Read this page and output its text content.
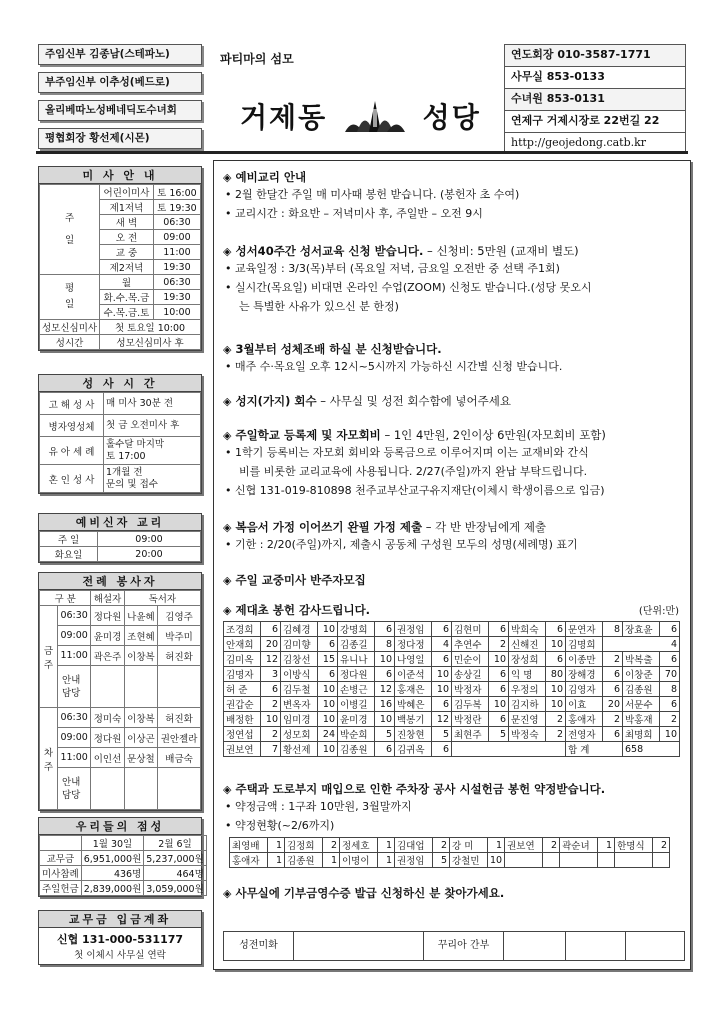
주임신부 김종남(스테파노)
부주임신부 이추성(베드로)
올리베따노성베네딕도수녀회
평협회장 황선제(시몬)
파티마의 섬모
거제동	성당
연도회장 010-3587-1771
사무실 853-0133
수녀원 853-0131
연제구 거제시장로 22번길 22
http://geojedong.catb.kr
미 사 안 내
주
일	어린이미사	토 16:00
	제1저녁	토 19:30
	새 벽	06:30
	오 전	09:00
	교 중	11:00
	제2저녁	19:30
평
일	월	06:30
	화.수.목.금	19:30
	수.목.금.토	10:00
성모신심미사	첫 토요일 10:00	
성시간	성모신심미사 후	
성 사 시 간
고 해 성 사	매 미사 30분 전
병자영성체	첫 금 오전미사 후
유 아 세 례	홀수달 마지막
토 17:00
혼 인 성 사	1개월 전
문의 및 접수
예비신자 교리
주 일	09:00
화요일	20:00
전례 봉사자
구 분		해설자	독서자	
금
주	06:30	정다원	나윤혜	김영주
	09:00	윤미경	조현혜	박주미
	11:00	곽은주	이창복	허진화
	안내
담당			
차
주	06:30	정미숙	이창복	허진화
	09:00	정다원	이상곤	권안젤라
	11:00	이인선	문상철	배금숙
	안내
담당			
우리들의 점성
	1월 30일	2월 6일
교무금	6,951,000원	5,237,000원
미사참례	436명	464명
주일헌금	2,839,000원	3,059,000원
교무금 입금계좌
신협 131-000-531177
첫 이체시 사무실 연락
◈ 예비교리 안내

• 2월 한달간 주일 매 미사때 봉헌 받습니다. (봉헌자 초 수여)

• 교리시간 : 화요반 – 저녁미사 후, 주일반 – 오전 9시

◈ 성서40주간 성서교육 신청 받습니다. – 신청비: 5만원 (교재비 별도)

• 교육일정 : 3/3(목)부터 (목요일 저녁, 금요일 오전반 중 선택 주1회)

• 실시간(목요일) 비대면 온라인 수업(ZOOM) 신청도 받습니다.(성당 못오시

는 특별한 사유가 있으신 분 한정)

◈ 3월부터 성체조배 하실 분 신청받습니다.

• 매주 수·목요일 오후 12시~5시까지 가능하신 시간별 신청 받습니다.

◈ 성지(가지) 회수 – 사무실 및 성전 회수함에 넣어주세요
◈ 주일학교 등록제 및 자모회비 – 1인 4만원, 2인이상 6만원(자모회비 포함)

• 1학기 등록비는 자모회 회비와 등록금으로 이루어지며 이는 교재비와 간식

비를 비롯한 교리교육에 사용됩니다. 2/27(주일)까지 완납 부탁드립니다.

• 신협 131-019-810898 천주교부산교구유지재단(이체시 학생이름으로 입금)

◈ 복음서 가정 이어쓰기 완필 가정 제출 – 각 반 반장님에게 제출

• 기한 : 2/20(주일)까지, 제출시 공동체 구성원 모두의 성명(세례명) 표기

◈ 주일 교중미사 반주자모집
◈ 제대초 봉헌 감사드립니다.	(단위:만)
조경희	6	김혜경	10	강명희	6	권정임	6	김현미	6	박희숙	6	문연자	8	장효윤	6
안재희	20	김미향	6	김종길	8	정다정	4	추연수	2	신해진	10	김명희	4		
김미옥	12	김창선	15	유니나	10	나영일	6	민순이	10	장성희	6	이종만	2	박복출	6
김명자	3	이방식	6	정다원	6	이준석	10	송상길	6	익 명	80	장해경	6	이창준	70
허 준	6	김두철	10	손병근	12	홍재은	10	박정자	6	우정의	10	김영자	6	김종원	8
권갑순	2	변옥자	10	이병길	16	박혜은	6	김두복	10	김지하	10	이효	20	서문수	6
배정한	10	임미경	10	윤미경	10	백봉기	12	박정란	6	문진영	2	홍애자	2	박홍재	2
정연섭	2	성모회	24	박순희	5	진창현	5	최현주	5	박정숙	2	전영자	6	최명희	10
권보연	7	황선제	10	김종원	6	김귀옥	6					합 계		658	
◈ 주택과 도로부지 매입으로 인한 주차장 공사 시설헌금 봉헌 약정받습니다.

• 약정금액 : 1구좌 10만원, 3월말까지

• 약정현황(~2/6까지)

최영배	1	김정희	2	정세호	1	김대업	2	강 미	1	권보연	2	곽순녀	1	한명식	2
홍애자	1	김종원	1	이명이	1	권정임	5	강철민	10						
◈ 사무실에 기부금영수증 발급 신청하신 분 찾아가세요.
성전미화	꾸리아 간부
